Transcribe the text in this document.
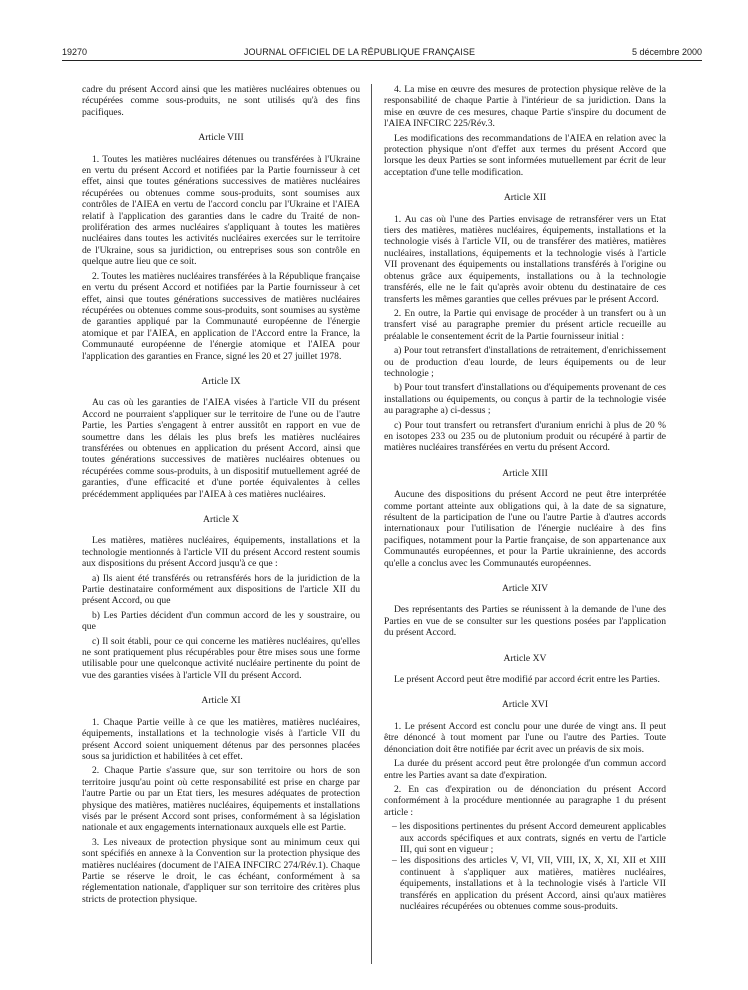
19270	JOURNAL OFFICIEL DE LA RÉPUBLIQUE FRANÇAISE	5 décembre 2000

cadre du présent Accord ainsi que les matières nucléaires obtenues ou récupérées comme sous-produits, ne sont utilisés qu'à des fins pacifiques.

Article VIII

1. Toutes les matières nucléaires détenues ou transférées à l'Ukraine en vertu du présent Accord et notifiées par la Partie fournisseur à cet effet, ainsi que toutes générations successives de matières nucléaires récupérées ou obtenues comme sous-produits, sont soumises aux contrôles de l'AIEA en vertu de l'accord conclu par l'Ukraine et l'AIEA relatif à l'application des garanties dans le cadre du Traité de non-prolifération des armes nucléaires s'appliquant à toutes les matières nucléaires dans toutes les activités nucléaires exercées sur le territoire de l'Ukraine, sous sa juridiction, ou entreprises sous son contrôle en quelque autre lieu que ce soit.

2. Toutes les matières nucléaires transférées à la République française en vertu du présent Accord et notifiées par la Partie fournisseur à cet effet, ainsi que toutes générations successives de matières nucléaires récupérées ou obtenues comme sous-produits, sont soumises au système de garanties appliqué par la Communauté européenne de l'énergie atomique et par l'AIEA, en application de l'Accord entre la France, la Communauté européenne de l'énergie atomique et l'AIEA pour l'application des garanties en France, signé les 20 et 27 juillet 1978.

Article IX

Au cas où les garanties de l'AIEA visées à l'article VII du présent Accord ne pourraient s'appliquer sur le territoire de l'une ou de l'autre Partie, les Parties s'engagent à entrer aussitôt en rapport en vue de soumettre dans les délais les plus brefs les matières nucléaires transférées ou obtenues en application du présent Accord, ainsi que toutes générations successives de matières nucléaires obtenues ou récupérées comme sous-produits, à un dispositif mutuellement agréé de garanties, d'une efficacité et d'une portée équivalentes à celles précédemment appliquées par l'AIEA à ces matières nucléaires.

Article X

Les matières, matières nucléaires, équipements, installations et la technologie mentionnés à l'article VII du présent Accord restent soumis aux dispositions du présent Accord jusqu'à ce que :

a) Ils aient été transférés ou retransférés hors de la juridiction de la Partie destinataire conformément aux dispositions de l'article XII du présent Accord, ou que

b) Les Parties décident d'un commun accord de les y soustraire, ou que

c) Il soit établi, pour ce qui concerne les matières nucléaires, qu'elles ne sont pratiquement plus récupérables pour être mises sous une forme utilisable pour une quelconque activité nucléaire pertinente du point de vue des garanties visées à l'article VII du présent Accord.

Article XI

1. Chaque Partie veille à ce que les matières, matières nucléaires, équipements, installations et la technologie visés à l'article VII du présent Accord soient uniquement détenus par des personnes placées sous sa juridiction et habilitées à cet effet.

2. Chaque Partie s'assure que, sur son territoire ou hors de son territoire jusqu'au point où cette responsabilité est prise en charge par l'autre Partie ou par un Etat tiers, les mesures adéquates de protection physique des matières, matières nucléaires, équipements et installations visés par le présent Accord sont prises, conformément à sa législation nationale et aux engagements internationaux auxquels elle est Partie.

3. Les niveaux de protection physique sont au minimum ceux qui sont spécifiés en annexe à la Convention sur la protection physique des matières nucléaires (document de l'AIEA INFCIRC 274/Rév.1). Chaque Partie se réserve le droit, le cas échéant, conformément à sa réglementation nationale, d'appliquer sur son territoire des critères plus stricts de protection physique.

4. La mise en œuvre des mesures de protection physique relève de la responsabilité de chaque Partie à l'intérieur de sa juridiction. Dans la mise en œuvre de ces mesures, chaque Partie s'inspire du document de l'AIEA INFCIRC 225/Rév.3.

Les modifications des recommandations de l'AIEA en relation avec la protection physique n'ont d'effet aux termes du présent Accord que lorsque les deux Parties se sont informées mutuellement par écrit de leur acceptation d'une telle modification.

Article XII

1. Au cas où l'une des Parties envisage de retransférer vers un Etat tiers des matières, matières nucléaires, équipements, installations et la technologie visés à l'article VII, ou de transférer des matières, matières nucléaires, installations, équipements et la technologie visés à l'article VII provenant des équipements ou installations transférés à l'origine ou obtenus grâce aux équipements, installations ou à la technologie transférés, elle ne le fait qu'après avoir obtenu du destinataire de ces transferts les mêmes garanties que celles prévues par le présent Accord.

2. En outre, la Partie qui envisage de procéder à un transfert ou à un transfert visé au paragraphe premier du présent article recueille au préalable le consentement écrit de la Partie fournisseur initial :

a) Pour tout retransfert d'installations de retraitement, d'enrichissement ou de production d'eau lourde, de leurs équipements ou de leur technologie ;

b) Pour tout transfert d'installations ou d'équipements provenant de ces installations ou équipements, ou conçus à partir de la technologie visée au paragraphe a) ci-dessus ;

c) Pour tout transfert ou retransfert d'uranium enrichi à plus de 20 % en isotopes 233 ou 235 ou de plutonium produit ou récupéré à partir de matières nucléaires transférées en vertu du présent Accord.

Article XIII

Aucune des dispositions du présent Accord ne peut être interprétée comme portant atteinte aux obligations qui, à la date de sa signature, résultent de la participation de l'une ou l'autre Partie à d'autres accords internationaux pour l'utilisation de l'énergie nucléaire à des fins pacifiques, notamment pour la Partie française, de son appartenance aux Communautés européennes, et pour la Partie ukrainienne, des accords qu'elle a conclus avec les Communautés européennes.

Article XIV

Des représentants des Parties se réunissent à la demande de l'une des Parties en vue de se consulter sur les questions posées par l'application du présent Accord.

Article XV

Le présent Accord peut être modifié par accord écrit entre les Parties.

Article XVI

1. Le présent Accord est conclu pour une durée de vingt ans. Il peut être dénoncé à tout moment par l'une ou l'autre des Parties. Toute dénonciation doit être notifiée par écrit avec un préavis de six mois.

La durée du présent accord peut être prolongée d'un commun accord entre les Parties avant sa date d'expiration.

2. En cas d'expiration ou de dénonciation du présent Accord conformément à la procédure mentionnée au paragraphe 1 du présent article :

– les dispositions pertinentes du présent Accord demeurent applicables aux accords spécifiques et aux contrats, signés en vertu de l'article III, qui sont en vigueur ;
– les dispositions des articles V, VI, VII, VIII, IX, X, XI, XII et XIII continuent à s'appliquer aux matières, matières nucléaires, équipements, installations et à la technologie visés à l'article VII transférés en application du présent Accord, ainsi qu'aux matières nucléaires récupérées ou obtenues comme sous-produits.
